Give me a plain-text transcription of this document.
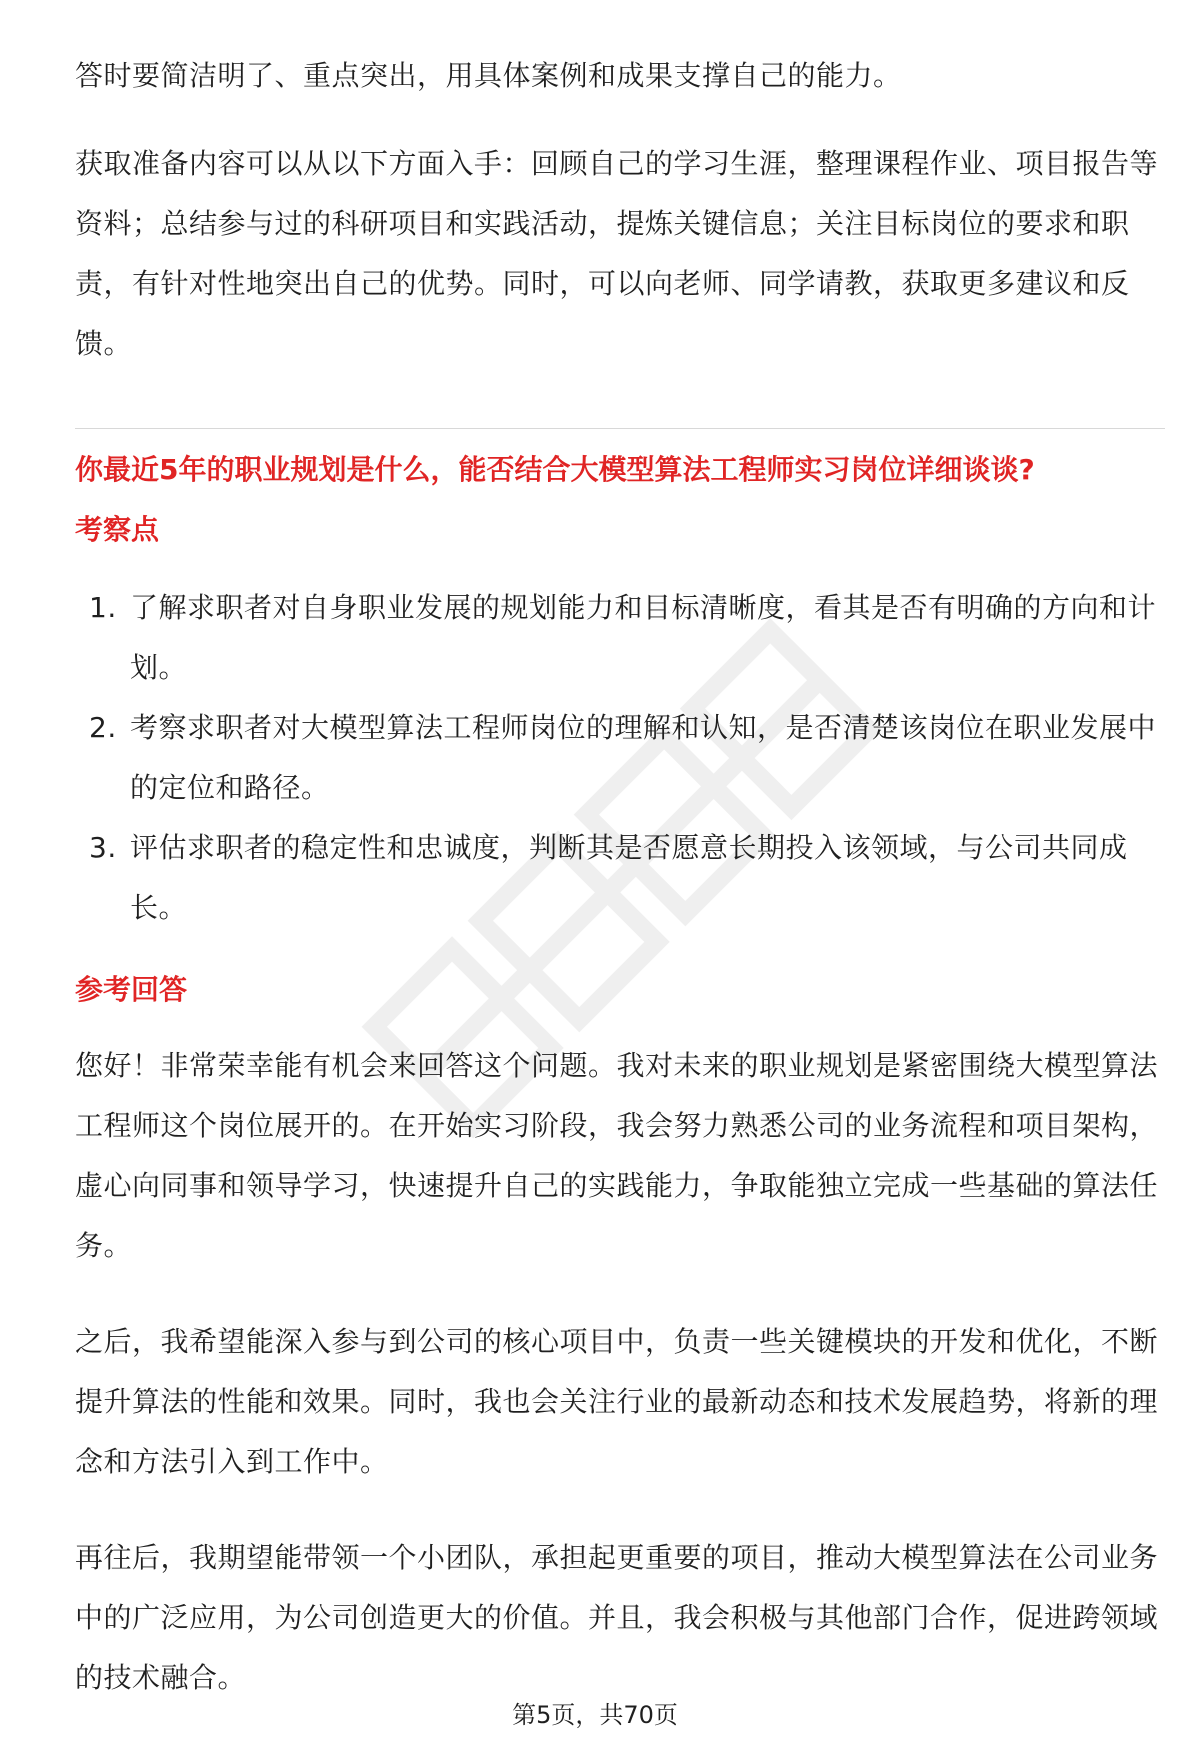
答时要简洁明了、重点突出，用具体案例和成果支撑自己的能力。

获取准备内容可以从以下方面入手：回顾自己的学习生涯，整理课程作业、项目报告等资料；总结参与过的科研项目和实践活动，提炼关键信息；关注目标岗位的要求和职责，有针对性地突出自己的优势。同时，可以向老师、同学请教，获取更多建议和反馈。

你最近5年的职业规划是什么，能否结合大模型算法工程师实习岗位详细谈谈?

考察点

1. 了解求职者对自身职业发展的规划能力和目标清晰度，看其是否有明确的方向和计划。
2. 考察求职者对大模型算法工程师岗位的理解和认知，是否清楚该岗位在职业发展中的定位和路径。
3. 评估求职者的稳定性和忠诚度，判断其是否愿意长期投入该领域，与公司共同成长。

参考回答

您好！非常荣幸能有机会来回答这个问题。我对未来的职业规划是紧密围绕大模型算法工程师这个岗位展开的。在开始实习阶段，我会努力熟悉公司的业务流程和项目架构，虚心向同事和领导学习，快速提升自己的实践能力，争取能独立完成一些基础的算法任务。

之后，我希望能深入参与到公司的核心项目中，负责一些关键模块的开发和优化，不断提升算法的性能和效果。同时，我也会关注行业的最新动态和技术发展趋势，将新的理念和方法引入到工作中。

再往后，我期望能带领一个小团队，承担起更重要的项目，推动大模型算法在公司业务中的广泛应用，为公司创造更大的价值。并且，我会积极与其他部门合作，促进跨领域的技术融合。

第5页，共70页
